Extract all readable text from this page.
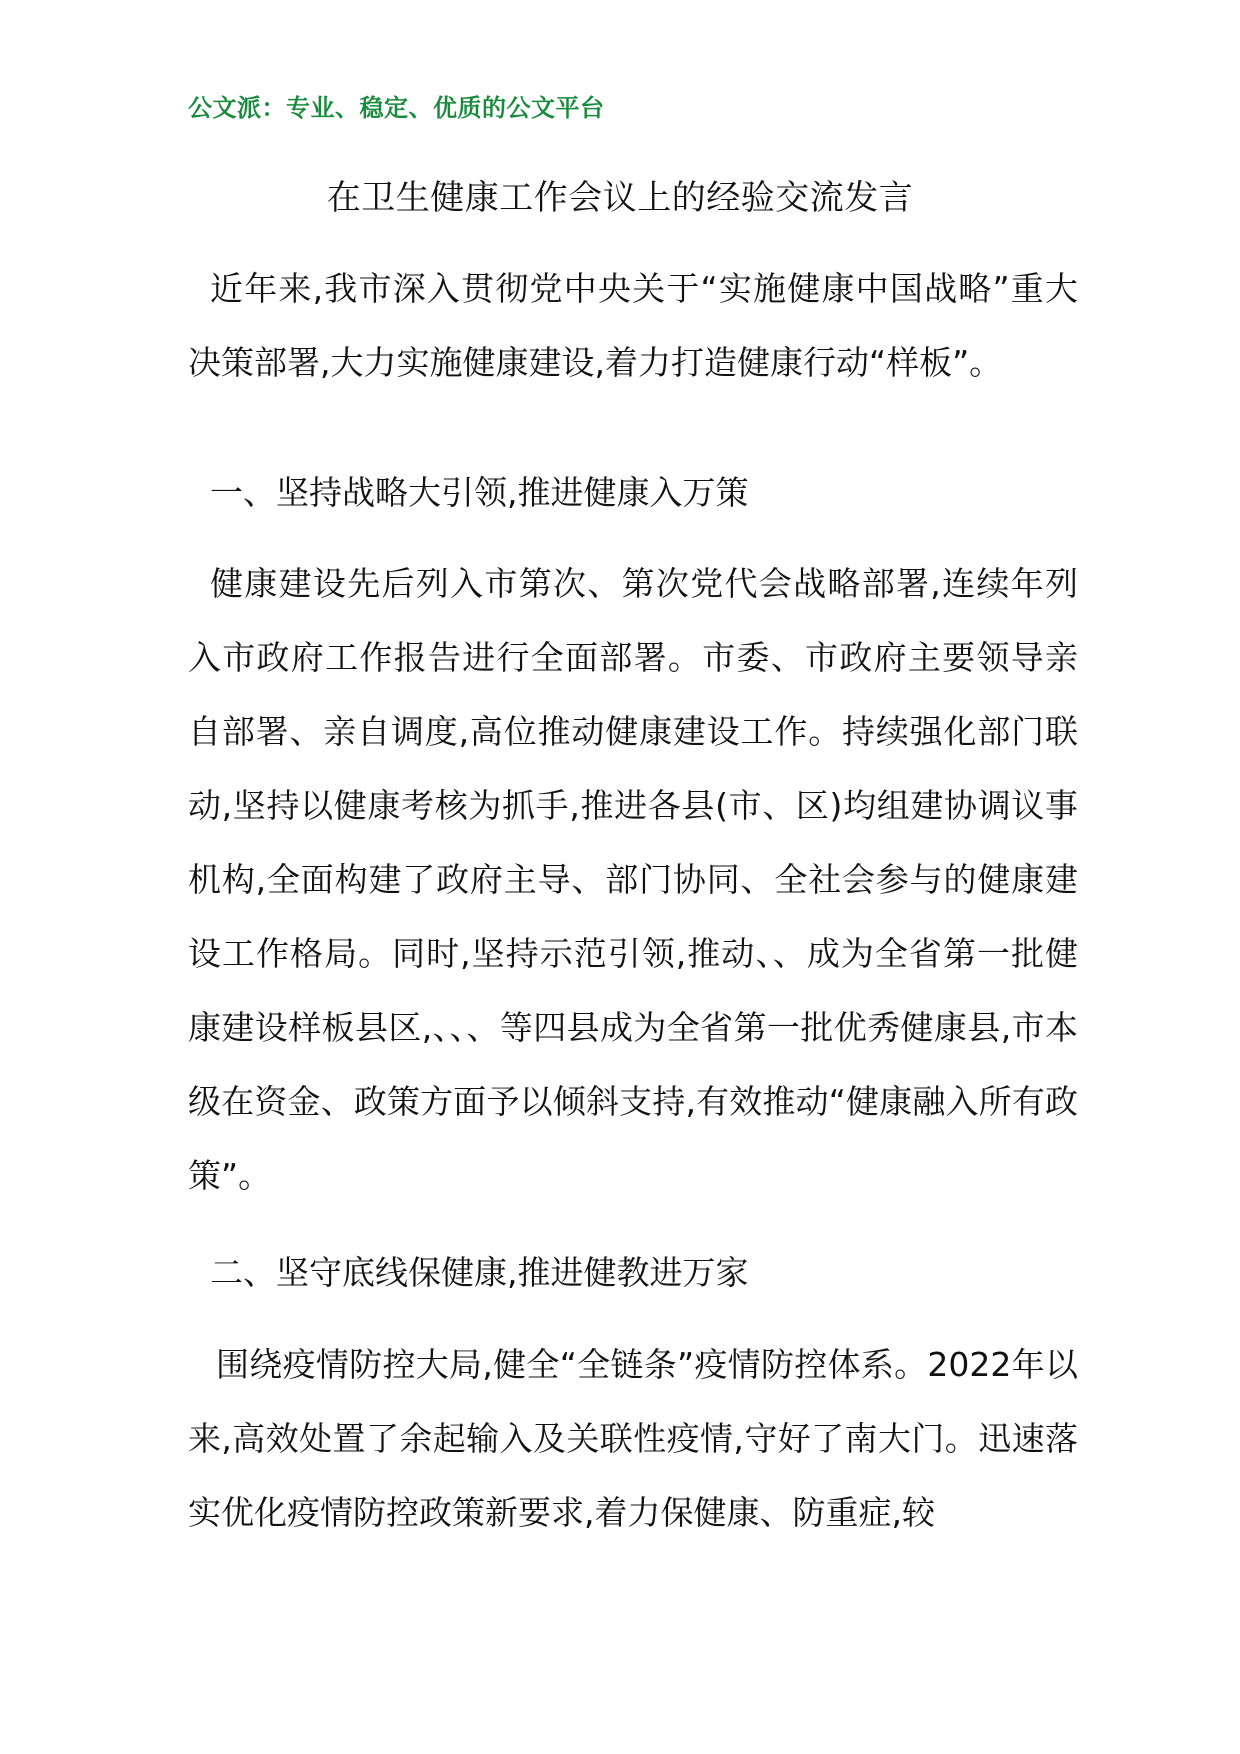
公文派：专业、稳定、优质的公文平台
在卫生健康工作会议上的经验交流发言
近年来,我市深入贯彻党中央关于“实施健康中国战略”重大决策部署,大力实施健康建设,着力打造健康行动“样板”。
一、坚持战略大引领,推进健康入万策
健康建设先后列入市第次、第次党代会战略部署,连续年列入市政府工作报告进行全面部署。市委、市政府主要领导亲自部署、亲自调度,高位推动健康建设工作。持续强化部门联动,坚持以健康考核为抓手,推进各县(市、区)均组建协调议事机构,全面构建了政府主导、部门协同、全社会参与的健康建设工作格局。同时,坚持示范引领,推动、、成为全省第一批健康建设样板县区,、、、等四县成为全省第一批优秀健康县,市本级在资金、政策方面予以倾斜支持,有效推动“健康融入所有政策”。
二、坚守底线保健康,推进健教进万家
围绕疫情防控大局,健全“全链条”疫情防控体系。2022年以来,高效处置了余起输入及关联性疫情,守好了南大门。迅速落实优化疫情防控政策新要求,着力保健康、防重症,较
